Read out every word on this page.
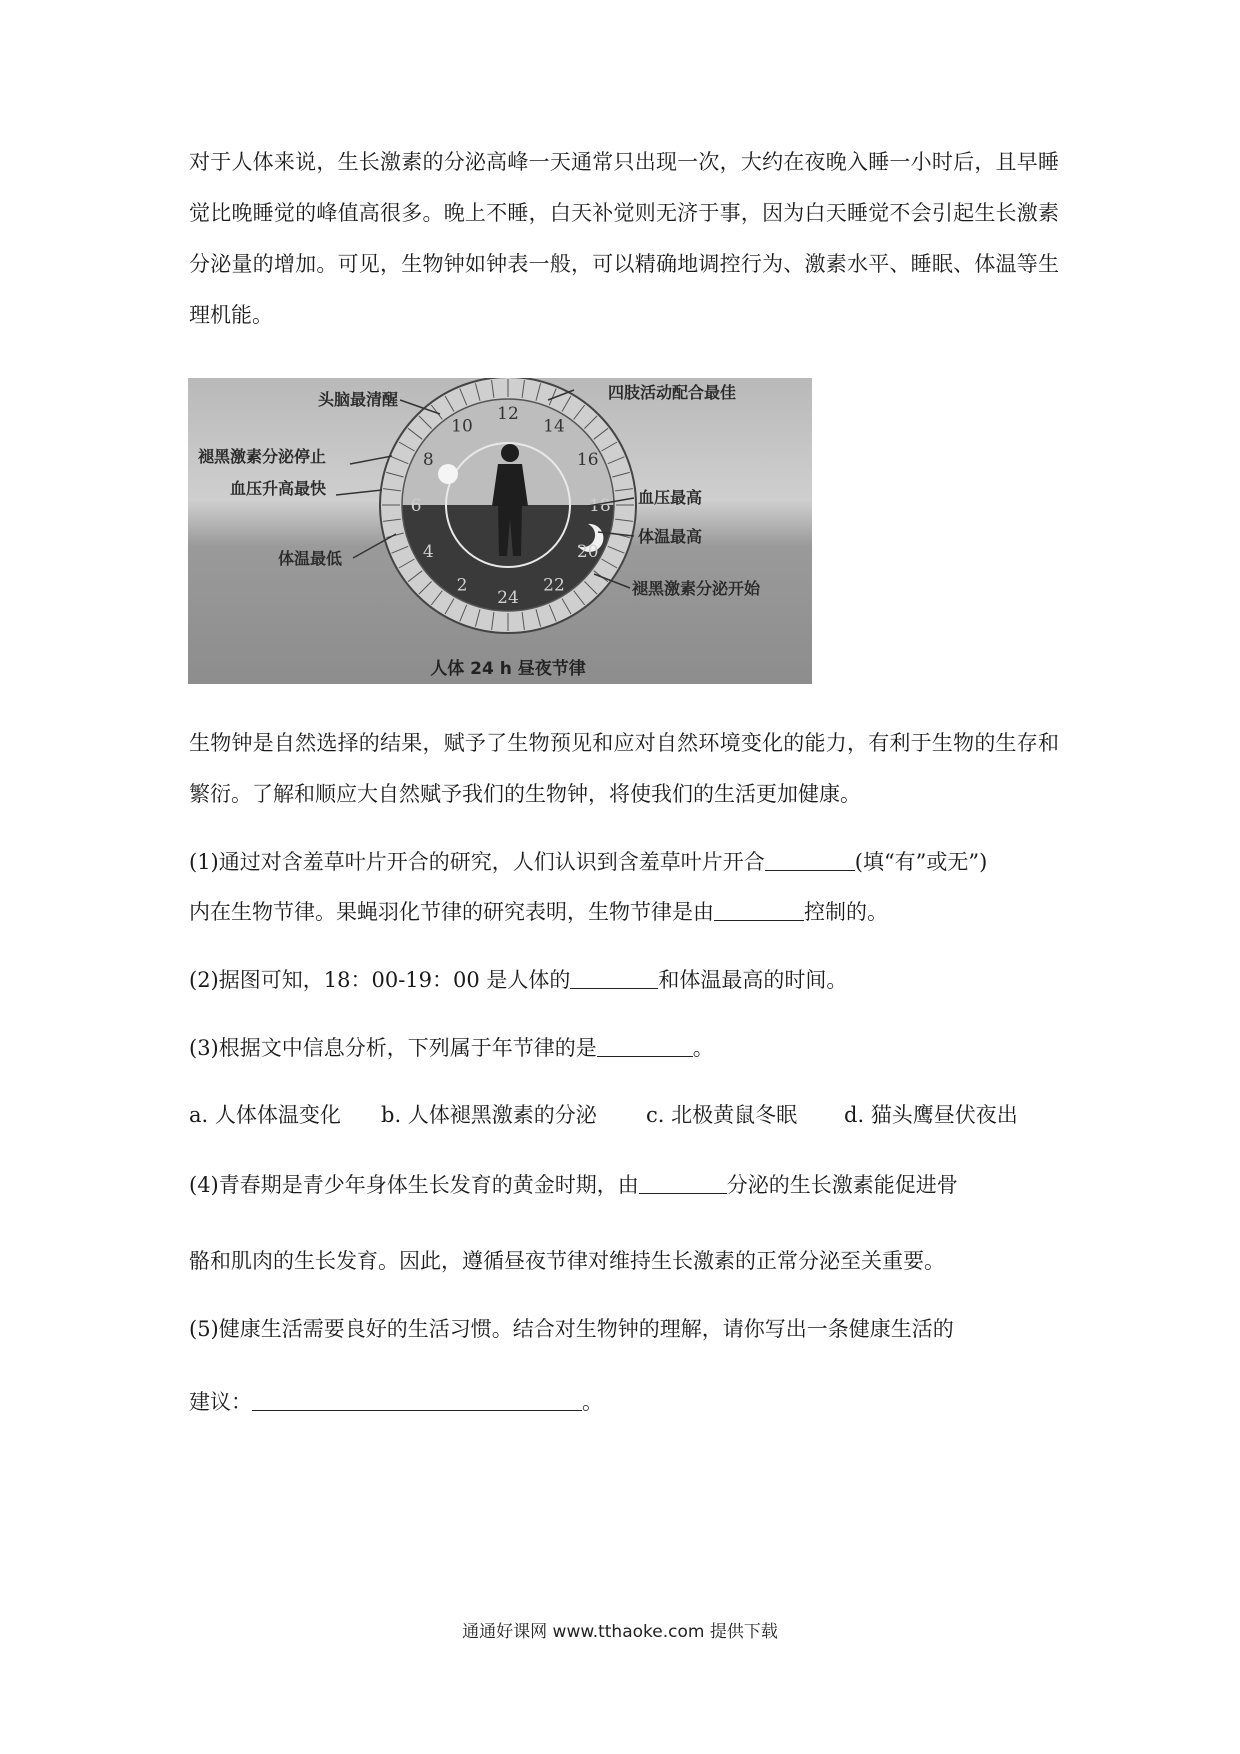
对于人体来说，生长激素的分泌高峰一天通常只出现一次，大约在夜晚入睡一小时后，且早睡觉比晚睡觉的峰值高很多。晚上不睡，白天补觉则无济于事，因为白天睡觉不会引起生长激素分泌量的增加。可见，生物钟如钟表一般，可以精确地调控行为、激素水平、睡眠、体温等生理机能。

12
14
16
18
20
22
24
2
4
6
8
10
头脑最清醒	四肢活动配合最佳
褪黑激素分泌停止
血压升高最快
体温最低
血压最高
体温最高
褪黑激素分泌开始
人体 24 h 昼夜节律

生物钟是自然选择的结果，赋予了生物预见和应对自然环境变化的能力，有利于生物的生存和繁衍。了解和顺应大自然赋予我们的生物钟，将使我们的生活更加健康。

(1)通过对含羞草叶片开合的研究，人们认识到含羞草叶片开合	(填“有”或无”)
内在生物节律。果蝇羽化节律的研究表明，生物节律是由	控制的。
(2)据图可知，18：00-19：00 是人体的	和体温最高的时间。
(3)根据文中信息分析，下列属于年节律的是	。
a. 人体体温变化 b. 人体褪黑激素的分泌 c. 北极黄鼠冬眠 d. 猫头鹰昼伏夜出
(4)青春期是青少年身体生长发育的黄金时期，由	分泌的生长激素能促进骨
骼和肌肉的生长发育。因此，遵循昼夜节律对维持生长激素的正常分泌至关重要。
(5)健康生活需要良好的生活习惯。结合对生物钟的理解，请你写出一条健康生活的
建议：	。
通通好课网 www.tthaoke.com 提供下载
